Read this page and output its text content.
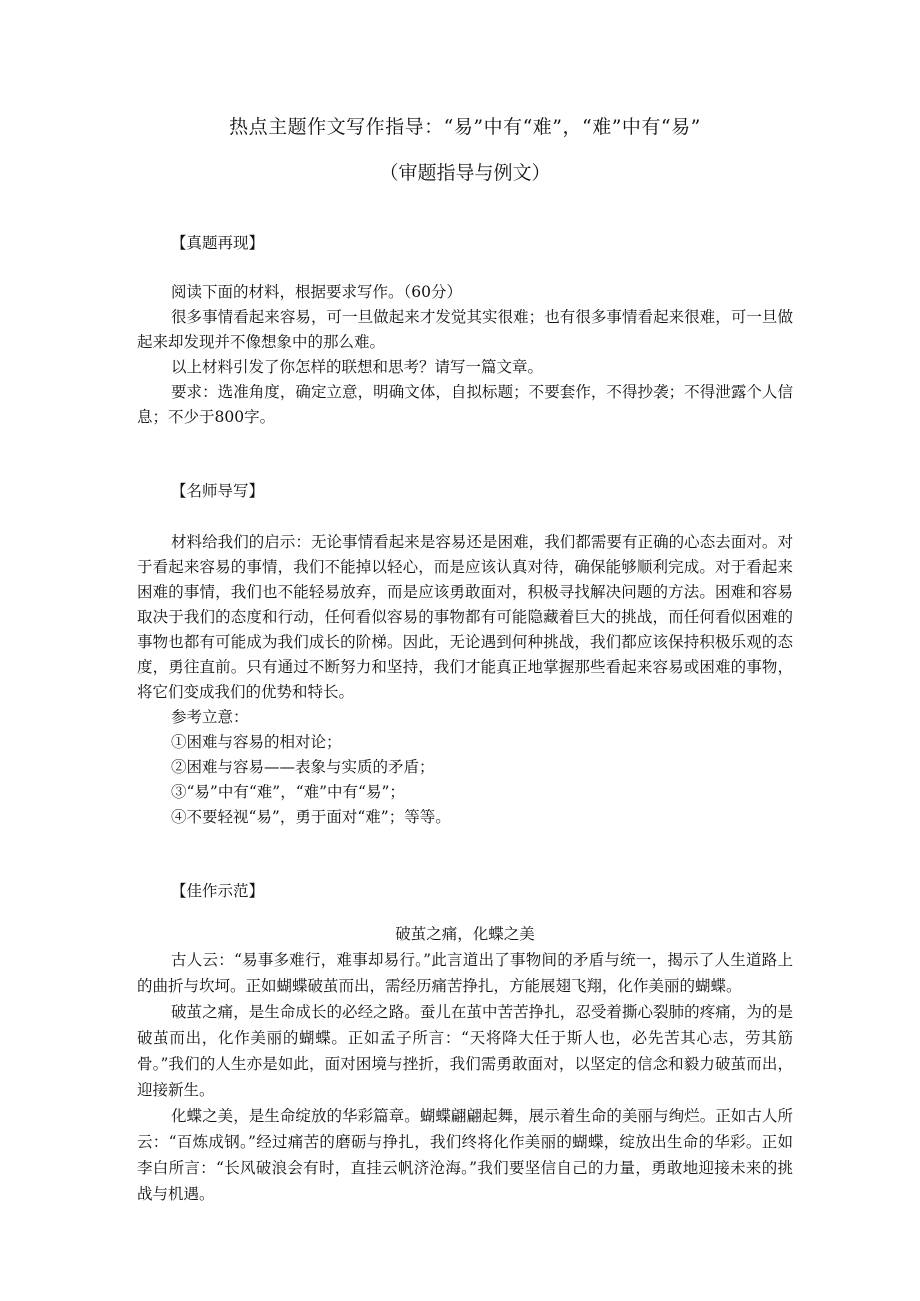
热点主题作文写作指导：“易”中有“难”，“难”中有“易”
（审题指导与例文）
【真题再现】

阅读下面的材料，根据要求写作。（60分）

很多事情看起来容易，可一旦做起来才发觉其实很难；也有很多事情看起来很难，可一旦做起来却发现并不像想象中的那么难。

以上材料引发了你怎样的联想和思考？请写一篇文章。

要求：选准角度，确定立意，明确文体，自拟标题；不要套作，不得抄袭；不得泄露个人信息；不少于800字。

【名师导写】

材料给我们的启示：无论事情看起来是容易还是困难，我们都需要有正确的心态去面对。对于看起来容易的事情，我们不能掉以轻心，而是应该认真对待，确保能够顺利完成。对于看起来困难的事情，我们也不能轻易放弃，而是应该勇敢面对，积极寻找解决问题的方法。困难和容易取决于我们的态度和行动，任何看似容易的事物都有可能隐藏着巨大的挑战，而任何看似困难的事物也都有可能成为我们成长的阶梯。因此，无论遇到何种挑战，我们都应该保持积极乐观的态度，勇往直前。只有通过不断努力和坚持，我们才能真正地掌握那些看起来容易或困难的事物，将它们变成我们的优势和特长。

参考立意：

①困难与容易的相对论；

②困难与容易——表象与实质的矛盾；

③“易”中有“难”，“难”中有“易”；

④不要轻视“易”，勇于面对“难”；等等。

【佳作示范】
破茧之痛，化蝶之美

古人云：“易事多难行，难事却易行。”此言道出了事物间的矛盾与统一，揭示了人生道路上的曲折与坎坷。正如蝴蝶破茧而出，需经历痛苦挣扎，方能展翅飞翔，化作美丽的蝴蝶。

破茧之痛，是生命成长的必经之路。蚕儿在茧中苦苦挣扎，忍受着撕心裂肺的疼痛，为的是破茧而出，化作美丽的蝴蝶。正如孟子所言：“天将降大任于斯人也，必先苦其心志，劳其筋骨。”我们的人生亦是如此，面对困境与挫折，我们需勇敢面对，以坚定的信念和毅力破茧而出，迎接新生。

化蝶之美，是生命绽放的华彩篇章。蝴蝶翩翩起舞，展示着生命的美丽与绚烂。正如古人所云：“百炼成钢。”经过痛苦的磨砺与挣扎，我们终将化作美丽的蝴蝶，绽放出生命的华彩。正如李白所言：“长风破浪会有时，直挂云帆济沧海。”我们要坚信自己的力量，勇敢地迎接未来的挑战与机遇。
